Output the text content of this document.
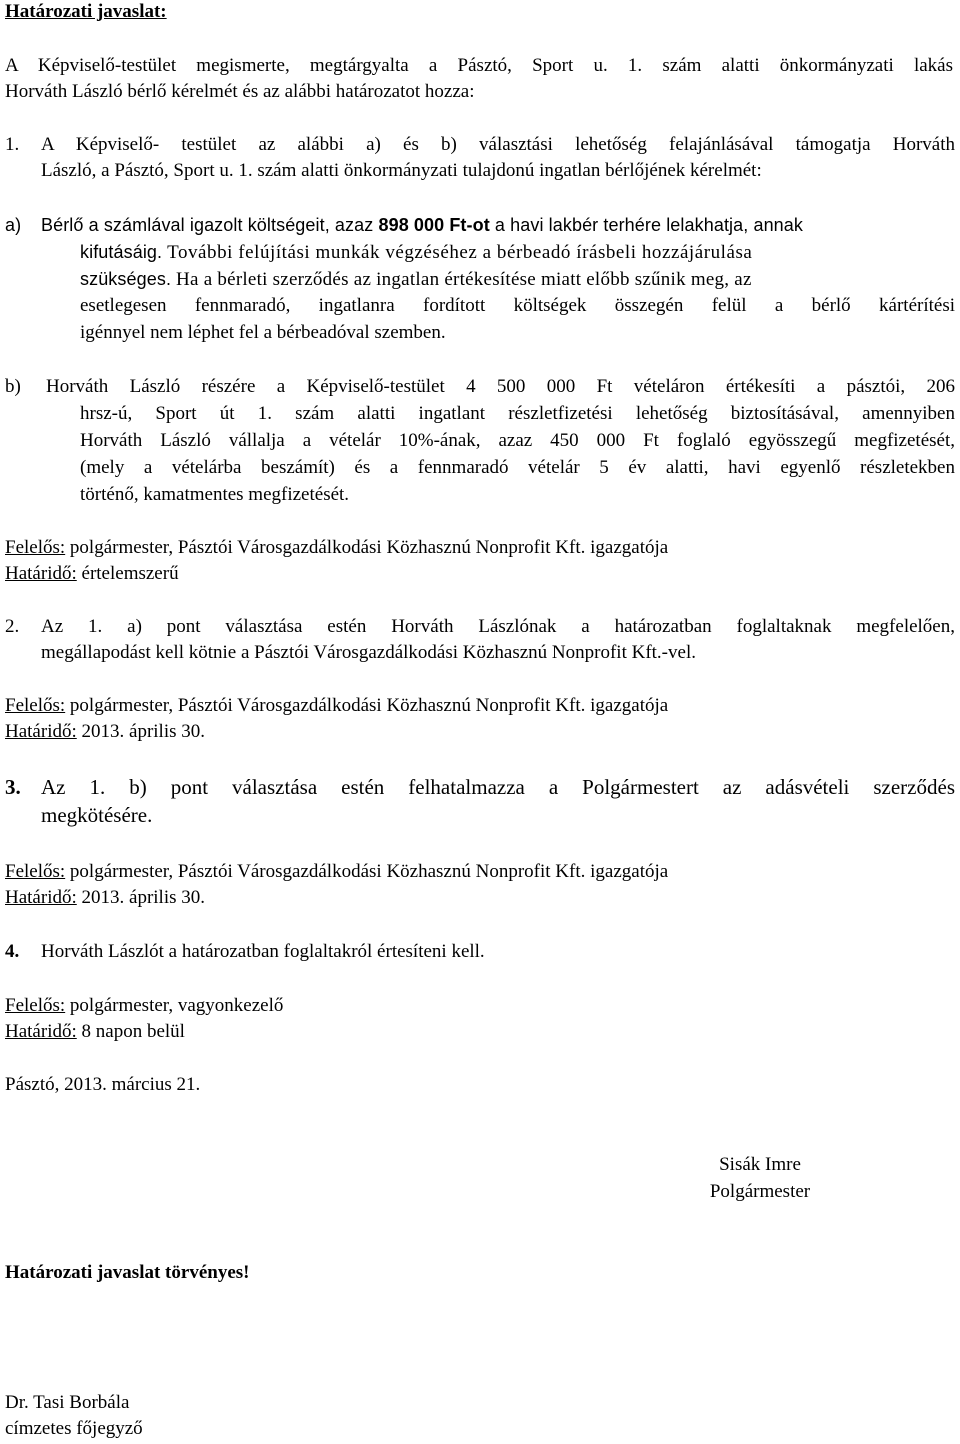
Határozati javaslat:
A Képviselő-testület megismerte, megtárgyalta a Pásztó, Sport u. 1. szám alatti önkormányzati lakás
Horváth László bérlő kérelmét és az alábbi határozatot hozza:
1. A Képviselő- testület az alábbi a) és b) választási lehetőség felajánlásával támogatja Horváth
László, a Pásztó, Sport u. 1. szám alatti önkormányzati tulajdonú ingatlan bérlőjének kérelmét:
a) Bérlő a számlával igazolt költségeit, azaz 898 000 Ft-ot a havi lakbér terhére lelakhatja, annak
kifutásáig. További felújítási munkák végzéséhez a bérbeadó írásbeli hozzájárulása
szükséges. Ha a bérleti szerződés az ingatlan értékesítése miatt előbb szűnik meg, az
esetlegesen fennmaradó, ingatlanra fordított költségek összegén felül a bérlő kártérítési
igénnyel nem léphet fel a bérbeadóval szemben.
b) Horváth László részére a Képviselő-testület 4 500 000 Ft vételáron értékesíti a pásztói, 206
hrsz-ú, Sport út 1. szám alatti ingatlant részletfizetési lehetőség biztosításával, amennyiben
Horváth László vállalja a vételár 10%-ának, azaz 450 000 Ft foglaló egyösszegű megfizetését,
(mely a vételárba beszámít) és a fennmaradó vételár 5 év alatti, havi egyenlő részletekben
történő, kamatmentes megfizetését.
Felelős: polgármester, Pásztói Városgazdálkodási Közhasznú Nonprofit Kft. igazgatója
Határidő: értelemszerű
2. Az 1. a) pont választása estén Horváth Lászlónak a határozatban foglaltaknak megfelelően,
megállapodást kell kötnie a Pásztói Városgazdálkodási Közhasznú Nonprofit Kft.-vel.
Felelős: polgármester, Pásztói Városgazdálkodási Közhasznú Nonprofit Kft. igazgatója
Határidő: 2013. április 30.
3. Az 1. b) pont választása estén felhatalmazza a Polgármestert az adásvételi szerződés
megkötésére.
Felelős: polgármester, Pásztói Városgazdálkodási Közhasznú Nonprofit Kft. igazgatója
Határidő: 2013. április 30.
4. Horváth Lászlót a határozatban foglaltakról értesíteni kell.
Felelős: polgármester, vagyonkezelő
Határidő: 8 napon belül
Pásztó, 2013. március 21.
Sisák Imre
Polgármester
Határozati javaslat törvényes!
Dr. Tasi Borbála
címzetes főjegyző
